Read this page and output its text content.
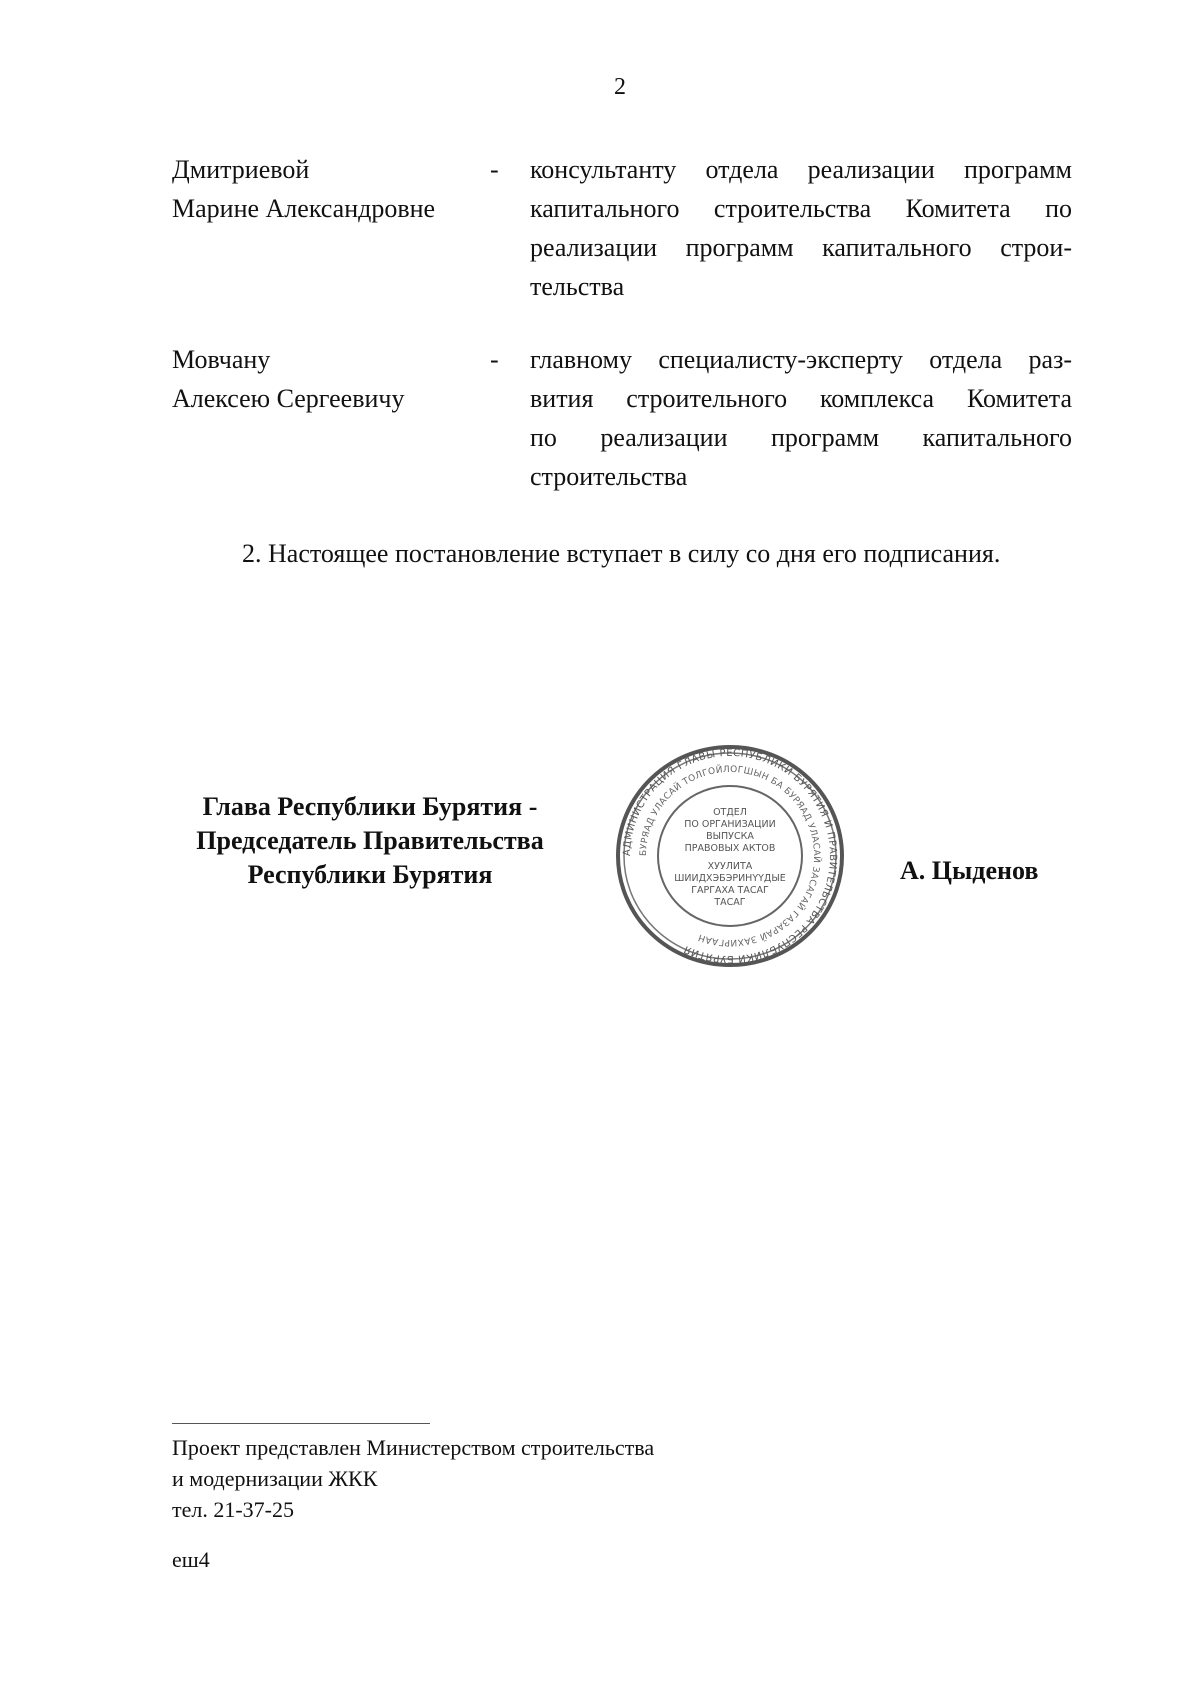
2
Дмитриевой
Марине Александровне
- консультанту отдела реализации программ
капитального строительства Комитета по
реализации программ капитального строи-
тельства
Мовчану
Алексею Сергеевичу
- главному специалисту-эксперту отдела раз-
вития строительного комплекса Комитета
по реализации программ капитального
строительства
2. Настоящее постановление вступает в силу со дня его подписания.
Глава Республики Бурятия -
Председатель Правительства
Республики Бурятия
АДМИНИСТРАЦИЯ ГЛАВЫ РЕСПУБЛИКИ БУРЯТИЯ И ПРАВИТЕЛЬСТВА РЕСПУБЛИКИ БУРЯТИЯ
БУРЯАД УЛАСАЙ ТОЛГОЙЛОГШЫН БА БУРЯАД УЛАСАЙ ЗАСАГАЙ ГАЗАРАЙ ЗАХИРГААН
ОТДЕЛ
ПО ОРГАНИЗАЦИИ
ВЫПУСКА
ПРАВОВЫХ АКТОВ
ХУУЛИТА
ШИИДХЭБЭРИНҮҮДЫЕ
ГАРГАХА ТАСАГ
ТАСАГ
А. Цыденов
Проект представлен Министерством строительства
и модернизации ЖКК
тел. 21-37-25
еш4
